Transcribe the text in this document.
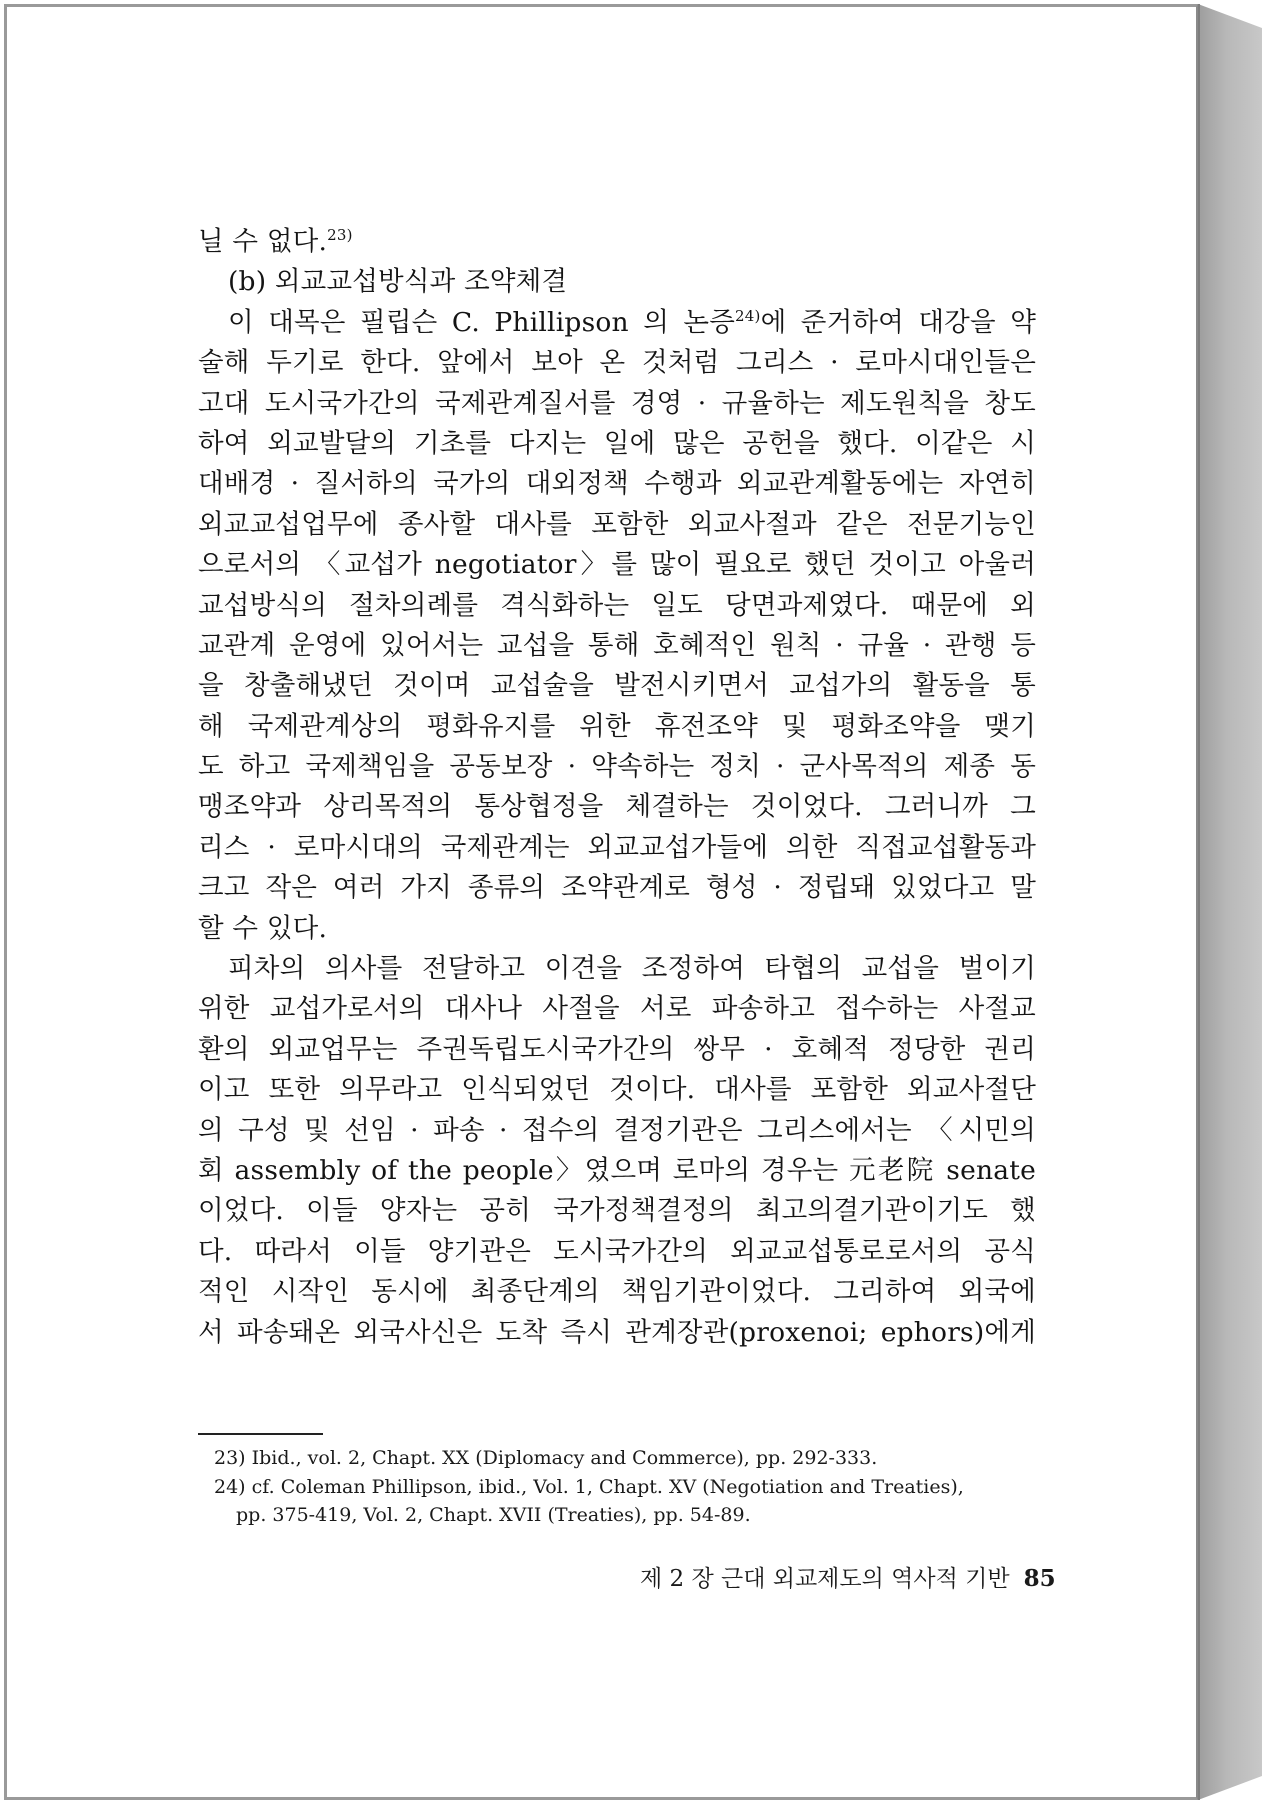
닐 수 없다.$^{23)}$
(b) 외교교섭방식과 조약체결
이 대목은 필립슨 C. Phillipson 의 논증$^{24)}$에 준거하여 대강을 약
술해 두기로 한다. 앞에서 보아 온 것처럼 그리스 · 로마시대인들은
고대 도시국가간의 국제관계질서를 경영 · 규율하는 제도원칙을 창도
하여 외교발달의 기초를 다지는 일에 많은 공헌을 했다. 이같은 시
대배경 · 질서하의 국가의 대외정책 수행과 외교관계활동에는 자연히
외교교섭업무에 종사할 대사를 포함한 외교사절과 같은 전문기능인
으로서의 〈교섭가 negotiator〉를 많이 필요로 했던 것이고 아울러
교섭방식의 절차의례를 격식화하는 일도 당면과제였다. 때문에 외
교관계 운영에 있어서는 교섭을 통해 호혜적인 원칙 · 규율 · 관행 등
을 창출해냈던 것이며 교섭술을 발전시키면서 교섭가의 활동을 통
해 국제관계상의 평화유지를 위한 휴전조약 및 평화조약을 맺기
도 하고 국제책임을 공동보장 · 약속하는 정치 · 군사목적의 제종 동
맹조약과 상리목적의 통상협정을 체결하는 것이었다. 그러니까 그
리스 · 로마시대의 국제관계는 외교교섭가들에 의한 직접교섭활동과
크고 작은 여러 가지 종류의 조약관계로 형성 · 정립돼 있었다고 말
할 수 있다.
피차의 의사를 전달하고 이견을 조정하여 타협의 교섭을 벌이기
위한 교섭가로서의 대사나 사절을 서로 파송하고 접수하는 사절교
환의 외교업무는 주권독립도시국가간의 쌍무 · 호혜적 정당한 권리
이고 또한 의무라고 인식되었던 것이다. 대사를 포함한 외교사절단
의 구성 및 선임 · 파송 · 접수의 결정기관은 그리스에서는 〈시민의
회 assembly of the people〉였으며 로마의 경우는 元老院 senate
이었다. 이들 양자는 공히 국가정책결정의 최고의결기관이기도 했
다. 따라서 이들 양기관은 도시국가간의 외교교섭통로로서의 공식
적인 시작인 동시에 최종단계의 책임기관이었다. 그리하여 외국에
서 파송돼온 외국사신은 도착 즉시 관계장관(proxenoi; ephors)에게
23) Ibid., vol. 2, Chapt. XX (Diplomacy and Commerce), pp. 292-333.
24) cf. Coleman Phillipson, ibid., Vol. 1, Chapt. XV (Negotiation and Treaties),
pp. 375-419, Vol. 2, Chapt. XVII (Treaties), pp. 54-89.
제 2 장 근대 외교제도의 역사적 기반 85
